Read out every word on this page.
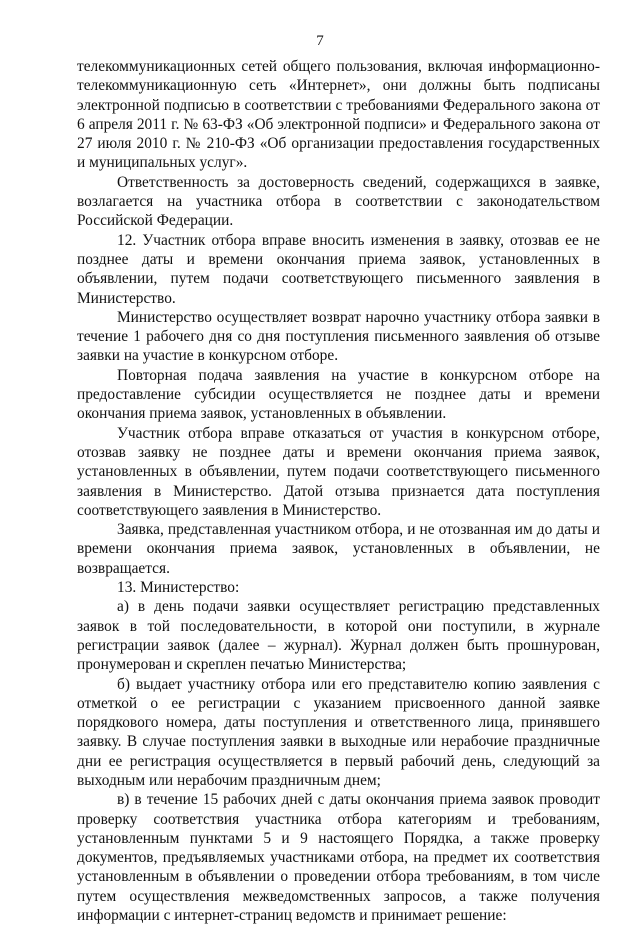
7

телекоммуникационных сетей общего пользования, включая информационно-телекоммуникационную сеть «Интернет», они должны быть подписаны электронной подписью в соответствии с требованиями Федерального закона от 6 апреля 2011 г. № 63-ФЗ «Об электронной подписи» и Федерального закона от 27 июля 2010 г. № 210-ФЗ «Об организации предоставления государственных и муниципальных услуг».

Ответственность за достоверность сведений, содержащихся в заявке, возлагается на участника отбора в соответствии с законодательством Российской Федерации.

12. Участник отбора вправе вносить изменения в заявку, отозвав ее не позднее даты и времени окончания приема заявок, установленных в объявлении, путем подачи соответствующего письменного заявления в Министерство.

Министерство осуществляет возврат нарочно участнику отбора заявки в течение 1 рабочего дня со дня поступления письменного заявления об отзыве заявки на участие в конкурсном отборе.

Повторная подача заявления на участие в конкурсном отборе на предоставление субсидии осуществляется не позднее даты и времени окончания приема заявок, установленных в объявлении.

Участник отбора вправе отказаться от участия в конкурсном отборе, отозвав заявку не позднее даты и времени окончания приема заявок, установленных в объявлении, путем подачи соответствующего письменного заявления в Министерство. Датой отзыва признается дата поступления соответствующего заявления в Министерство.

Заявка, представленная участником отбора, и не отозванная им до даты и времени окончания приема заявок, установленных в объявлении, не возвращается.

13. Министерство:

а) в день подачи заявки осуществляет регистрацию представленных заявок в той последовательности, в которой они поступили, в журнале регистрации заявок (далее – журнал). Журнал должен быть прошнурован, пронумерован и скреплен печатью Министерства;

б) выдает участнику отбора или его представителю копию заявления с отметкой о ее регистрации с указанием присвоенного данной заявке порядкового номера, даты поступления и ответственного лица, принявшего заявку. В случае поступления заявки в выходные или нерабочие праздничные дни ее регистрация осуществляется в первый рабочий день, следующий за выходным или нерабочим праздничным днем;

в) в течение 15 рабочих дней с даты окончания приема заявок проводит проверку соответствия участника отбора категориям и требованиям, установленным пунктами 5 и 9 настоящего Порядка, а также проверку документов, предъявляемых участниками отбора, на предмет их соответствия установленным в объявлении о проведении отбора требованиям, в том числе путем осуществления межведомственных запросов, а также получения информации с интернет-страниц ведомств и принимает решение:
